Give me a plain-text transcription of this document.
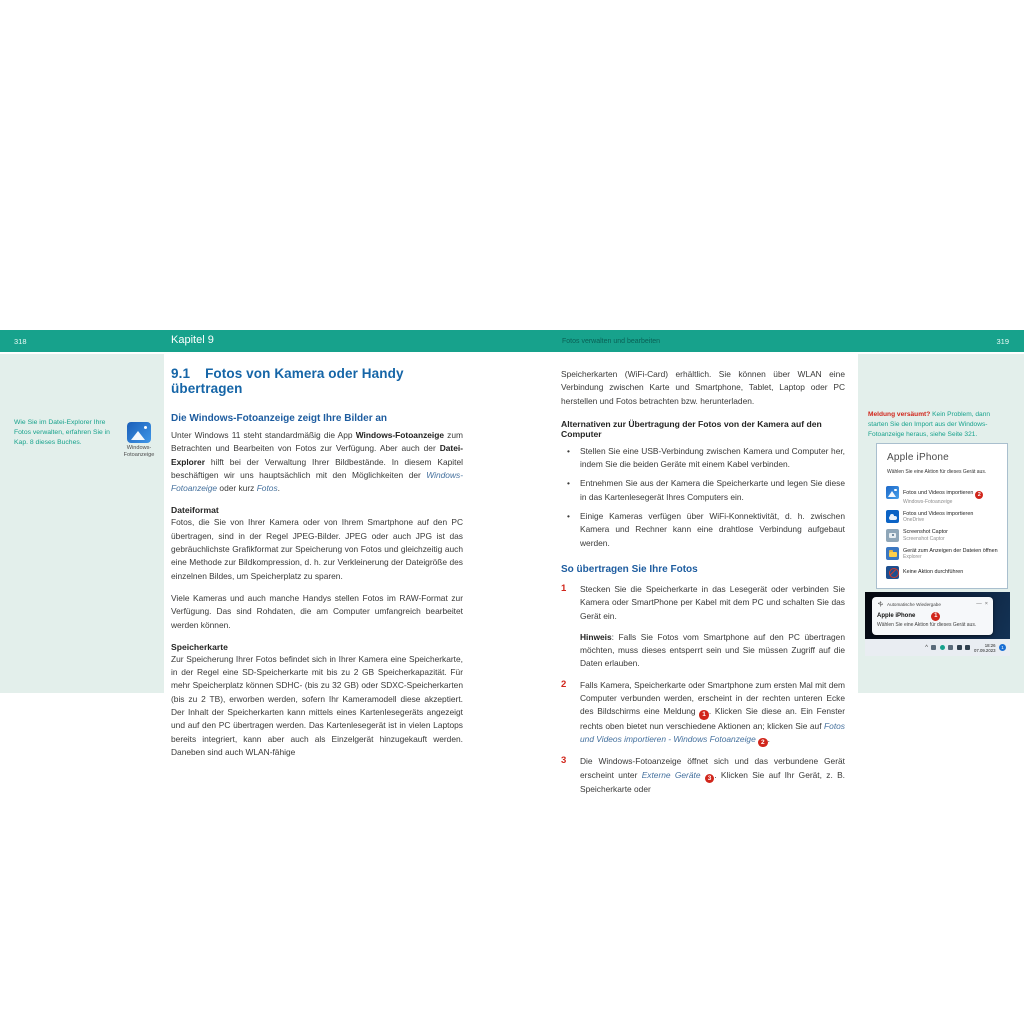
318	Kapitel 9	Fotos verwalten und bearbeiten	319
Wie Sie im Datei-Explorer Ihre Fotos verwalten, erfahren Sie in Kap. 8 dieses Buches.
Windows-
Fotoanzeige
9.1 Fotos von Kamera oder Handy übertragen
Die Windows-Fotoanzeige zeigt Ihre Bilder an

Unter Windows 11 steht standardmäßig die App Windows-Fotoanzeige zum Betrachten und Bearbeiten von Fotos zur Verfügung. Aber auch der Datei-Explorer hilft bei der Verwaltung Ihrer Bildbestände. In diesem Kapitel beschäftigen wir uns hauptsächlich mit den Möglichkeiten der Windows-Fotoanzeige oder kurz Fotos.

Dateiformat

Fotos, die Sie von Ihrer Kamera oder von Ihrem Smartphone auf den PC übertragen, sind in der Regel JPEG-Bilder. JPEG oder auch JPG ist das gebräuchlichste Grafikformat zur Speicherung von Fotos und gleichzeitig auch eine Methode zur Bildkompression, d. h. zur Verkleinerung der Dateigröße des einzelnen Bildes, um Speicherplatz zu sparen.

Viele Kameras und auch manche Handys stellen Fotos im RAW-Format zur Verfügung. Das sind Rohdaten, die am Computer umfangreich bearbeitet werden können.

Speicherkarte

Zur Speicherung Ihrer Fotos befindet sich in Ihrer Kamera eine Speicherkarte, in der Regel eine SD-Speicherkarte mit bis zu 2 GB Speicherkapazität. Für mehr Speicherplatz können SDHC- (bis zu 32 GB) oder SDXC-Speicherkarten (bis zu 2 TB), erworben werden, sofern Ihr Kameramodell diese akzeptiert. Der Inhalt der Speicherkarten kann mittels eines Kartenlesegeräts angezeigt und auf den PC übertragen werden. Das Kartenlesegerät ist in vielen Laptops bereits integriert, kann aber auch als Einzelgerät hinzugekauft werden. Daneben sind auch WLAN-fähige

Speicherkarten (WiFi-Card) erhältlich. Sie können über WLAN eine Verbindung zwischen Karte und Smartphone, Tablet, Laptop oder PC herstellen und Fotos betrachten bzw. herunterladen.

Alternativen zur Übertragung der Fotos von der Kamera auf den Computer
•	Stellen Sie eine USB-Verbindung zwischen Kamera und Computer her, indem Sie die beiden Geräte mit einem Kabel verbinden.
•	Entnehmen Sie aus der Kamera die Speicherkarte und legen Sie diese in das Kartenlesegerät Ihres Computers ein.
•	Einige Kameras verfügen über WiFi-Konnektivität, d. h. zwischen Kamera und Rechner kann eine drahtlose Verbindung aufgebaut werden.
So übertragen Sie Ihre Fotos
1	Stecken Sie die Speicherkarte in das Lesegerät oder verbinden Sie Kamera oder SmartPhone per Kabel mit dem PC und schalten Sie das Gerät ein.

Hinweis: Falls Sie Fotos vom Smartphone auf den PC übertragen möchten, muss dieses entsperrt sein und Sie müssen Zugriff auf die Daten erlauben.

2	Falls Kamera, Speicherkarte oder Smartphone zum ersten Mal mit dem Computer verbunden werden, erscheint in der rechten unteren Ecke des Bildschirms eine Meldung 1 . Klicken Sie diese an. Ein Fenster rechts oben bietet nun verschiedene Aktionen an; klicken Sie auf Fotos und Videos importieren - Windows Fotoanzeige 2 .
3	Die Windows-Fotoanzeige öffnet sich und das verbundene Gerät erscheint unter Externe Geräte 3 . Klicken Sie auf Ihr Gerät, z. B. Speicherkarte oder
Meldung versäumt? Kein Problem, dann starten Sie den Import aus der Windows-Fotoanzeige heraus, siehe Seite 321.
Apple iPhone
Wählen Sie eine Aktion für dieses Gerät aus.
Fotos und Videos importieren 2
Windows-Fotoanzeige
Fotos und Videos importieren
OneDrive
Screenshot Captor
Screenshot Captor
Gerät zum Anzeigen der Dateien öffnen
Explorer
Keine Aktion durchführen
Automatische Wiedergabe	— ×
Apple iPhone	1
Wählen Sie eine Aktion für dieses Gerät aus.
^	18:26
07.09.2023	1
